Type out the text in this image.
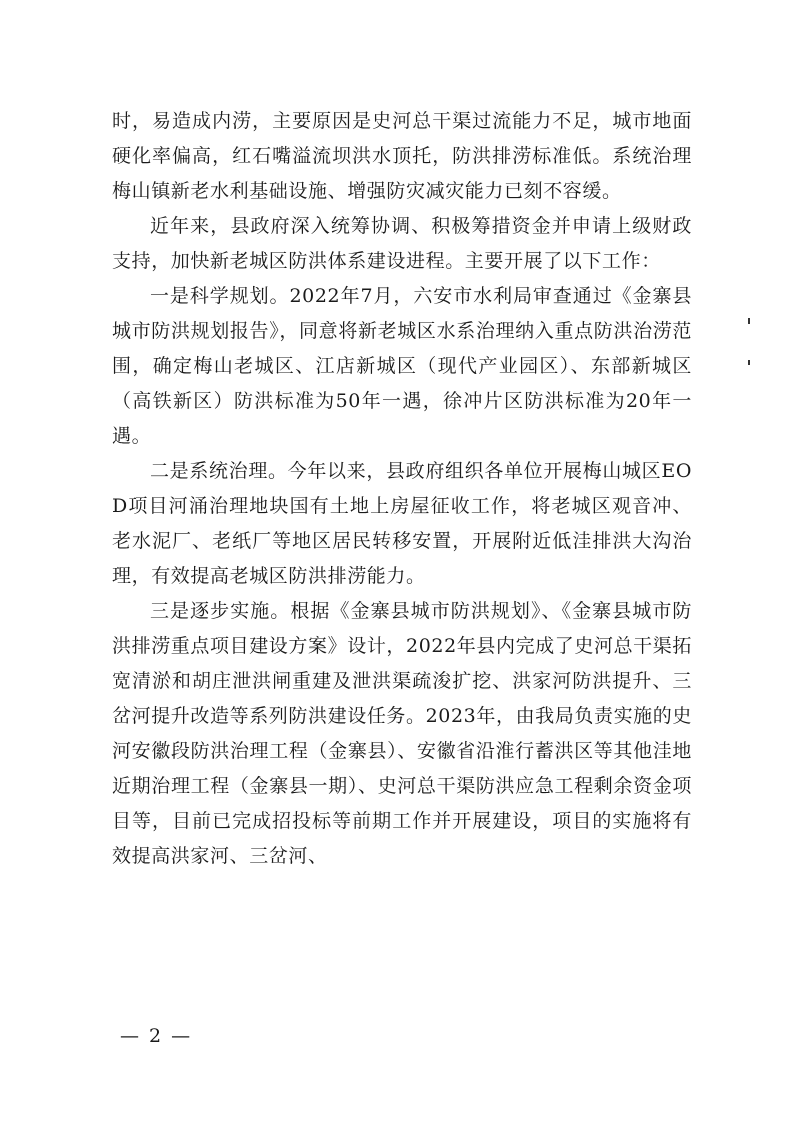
时，易造成内涝，主要原因是史河总干渠过流能力不足，城市地面硬化率偏高，红石嘴溢流坝洪水顶托，防洪排涝标准低。系统治理梅山镇新老水利基础设施、增强防灾减灾能力已刻不容缓。

近年来，县政府深入统筹协调、积极筹措资金并申请上级财政支持，加快新老城区防洪体系建设进程。主要开展了以下工作：

一是科学规划。2022年7月，六安市水利局审查通过《金寨县城市防洪规划报告》，同意将新老城区水系治理纳入重点防洪治涝范围，确定梅山老城区、江店新城区（现代产业园区）、东部新城区（高铁新区）防洪标准为50年一遇，徐冲片区防洪标准为20年一遇。

二是系统治理。今年以来，县政府组织各单位开展梅山城区EOD项目河涌治理地块国有土地上房屋征收工作，将老城区观音冲、老水泥厂、老纸厂等地区居民转移安置，开展附近低洼排洪大沟治理，有效提高老城区防洪排涝能力。

三是逐步实施。根据《金寨县城市防洪规划》、《金寨县城市防洪排涝重点项目建设方案》设计，2022年县内完成了史河总干渠拓宽清淤和胡庄泄洪闸重建及泄洪渠疏浚扩挖、洪家河防洪提升、三岔河提升改造等系列防洪建设任务。2023年，由我局负责实施的史河安徽段防洪治理工程（金寨县）、安徽省沿淮行蓄洪区等其他洼地近期治理工程（金寨县一期）、史河总干渠防洪应急工程剩余资金项目等，目前已完成招投标等前期工作并开展建设，项目的实施将有效提高洪家河、三岔河、

— 2 —
